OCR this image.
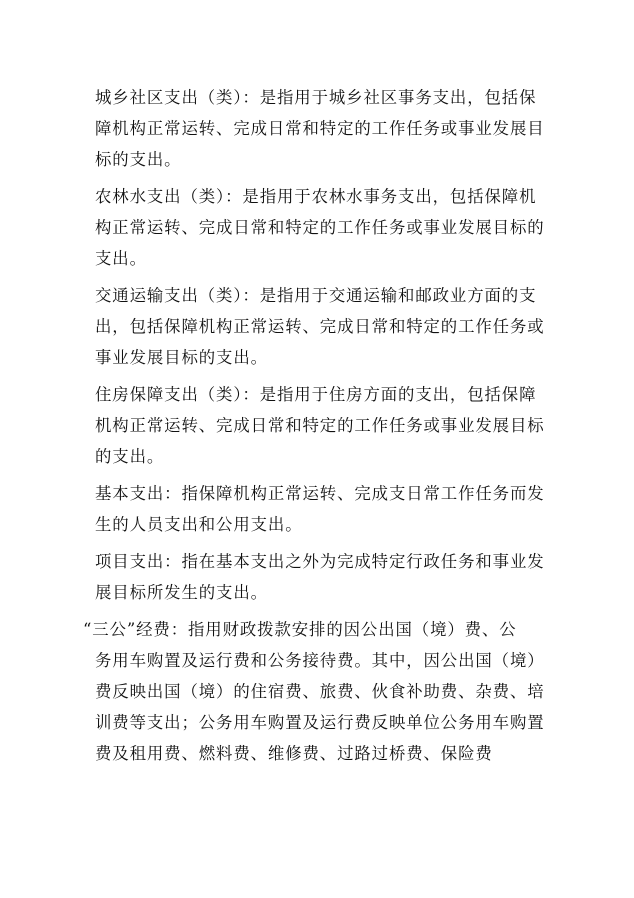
城乡社区支出（类）：是指用于城乡社区事务支出，包括保
障机构正常运转、完成日常和特定的工作任务或事业发展目
标的支出。

农林水支出（类）：是指用于农林水事务支出，包括保障机
构正常运转、完成日常和特定的工作任务或事业发展目标的
支出。

交通运输支出（类）：是指用于交通运输和邮政业方面的支
出，包括保障机构正常运转、完成日常和特定的工作任务或
事业发展目标的支出。

住房保障支出（类）：是指用于住房方面的支出，包括保障
机构正常运转、完成日常和特定的工作任务或事业发展目标
的支出。

基本支出：指保障机构正常运转、完成支日常工作任务而发
生的人员支出和公用支出。

项目支出：指在基本支出之外为完成特定行政任务和事业发
展目标所发生的支出。

“三公”经费：指用财政拨款安排的因公出国（境）费、公
务用车购置及运行费和公务接待费。其中，因公出国（境）
费反映出国（境）的住宿费、旅费、伙食补助费、杂费、培
训费等支出；公务用车购置及运行费反映单位公务用车购置
费及租用费、燃料费、维修费、过路过桥费、保险费
